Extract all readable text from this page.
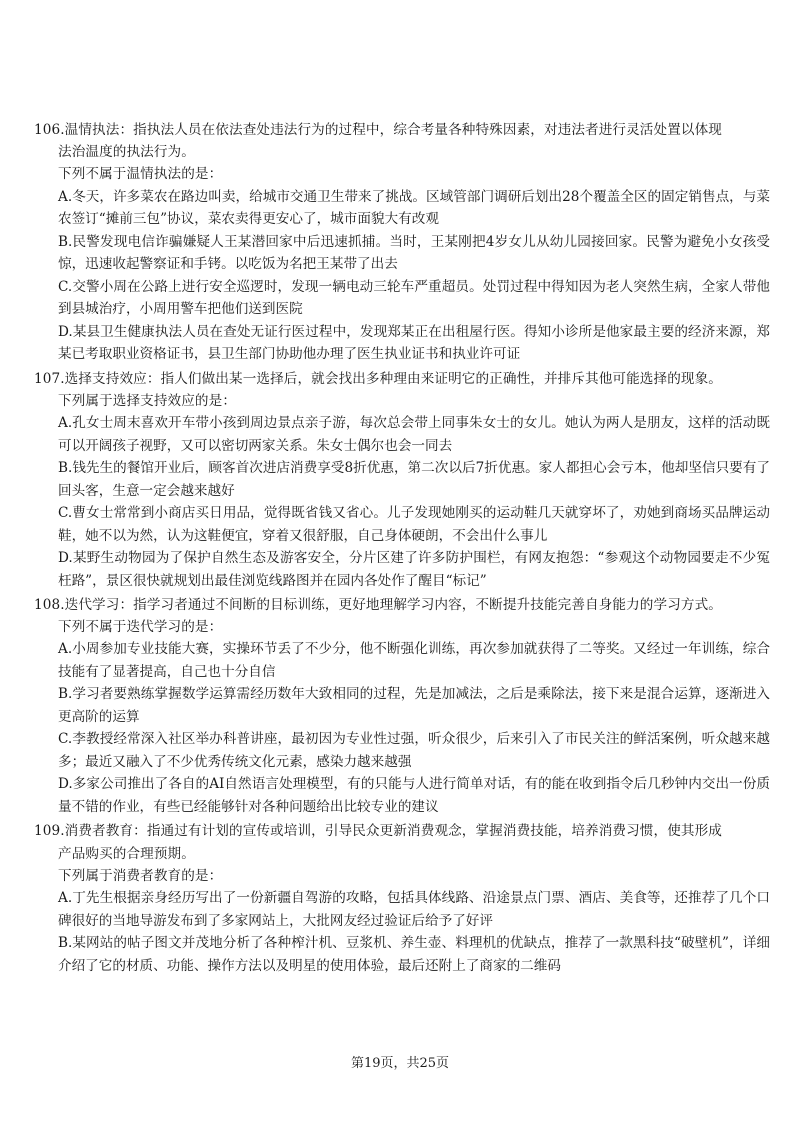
106.温情执法：指执法人员在依法查处违法行为的过程中，综合考量各种特殊因素，对违法者进行灵活处置以体现
法治温度的执法行为。
下列不属于温情执法的是：
A.冬天，许多菜农在路边叫卖，给城市交通卫生带来了挑战。区域管部门调研后划出28个覆盖全区的固定销售点，与菜农签订“摊前三包”协议，菜农卖得更安心了，城市面貌大有改观
B.民警发现电信诈骗嫌疑人王某潜回家中后迅速抓捕。当时，王某刚把4岁女儿从幼儿园接回家。民警为避免小女孩受惊，迅速收起警察证和手铐。以吃饭为名把王某带了出去
C.交警小周在公路上进行安全巡逻时，发现一辆电动三轮车严重超员。处罚过程中得知因为老人突然生病，全家人带他到县城治疗，小周用警车把他们送到医院
D.某县卫生健康执法人员在查处无证行医过程中，发现郑某正在出租屋行医。得知小诊所是他家最主要的经济来源，郑某已考取职业资格证书，县卫生部门协助他办理了医生执业证书和执业许可证
107.选择支持效应：指人们做出某一选择后，就会找出多种理由来证明它的正确性，并排斥其他可能选择的现象。
下列属于选择支持效应的是：
A.孔女士周末喜欢开车带小孩到周边景点亲子游，每次总会带上同事朱女士的女儿。她认为两人是朋友，这样的活动既可以开阔孩子视野，又可以密切两家关系。朱女士偶尔也会一同去
B.钱先生的餐馆开业后，顾客首次进店消费享受8折优惠，第二次以后7折优惠。家人都担心会亏本，他却坚信只要有了回头客，生意一定会越来越好
C.曹女士常常到小商店买日用品，觉得既省钱又省心。儿子发现她刚买的运动鞋几天就穿坏了，劝她到商场买品牌运动鞋，她不以为然，认为这鞋便宜，穿着又很舒服，自己身体硬朗，不会出什么事儿
D.某野生动物园为了保护自然生态及游客安全，分片区建了许多防护围栏，有网友抱怨：“参观这个动物园要走不少冤枉路”，景区很快就规划出最佳浏览线路图并在园内各处作了醒目“标记”
108.迭代学习：指学习者通过不间断的目标训练，更好地理解学习内容，不断提升技能完善自身能力的学习方式。
下列不属于迭代学习的是：
A.小周参加专业技能大赛，实操环节丢了不少分，他不断强化训练，再次参加就获得了二等奖。又经过一年训练，综合技能有了显著提高，自己也十分自信
B.学习者要熟练掌握数学运算需经历数年大致相同的过程，先是加减法，之后是乘除法，接下来是混合运算，逐渐进入更高阶的运算
C.李教授经常深入社区举办科普讲座，最初因为专业性过强，听众很少，后来引入了市民关注的鲜活案例，听众越来越多；最近又融入了不少优秀传统文化元素，感染力越来越强
D.多家公司推出了各自的AI自然语言处理模型，有的只能与人进行简单对话，有的能在收到指令后几秒钟内交出一份质量不错的作业，有些已经能够针对各种问题给出比较专业的建议
109.消费者教育：指通过有计划的宣传或培训，引导民众更新消费观念，掌握消费技能，培养消费习惯，使其形成
产品购买的合理预期。
下列属于消费者教育的是：
A.丁先生根据亲身经历写出了一份新疆自驾游的攻略，包括具体线路、沿途景点门票、酒店、美食等，还推荐了几个口碑很好的当地导游发布到了多家网站上，大批网友经过验证后给予了好评
B.某网站的帖子图文并茂地分析了各种榨汁机、豆浆机、养生壶、料理机的优缺点，推荐了一款黑科技“破壁机”，详细介绍了它的材质、功能、操作方法以及明星的使用体验，最后还附上了商家的二维码
第19页，共25页
